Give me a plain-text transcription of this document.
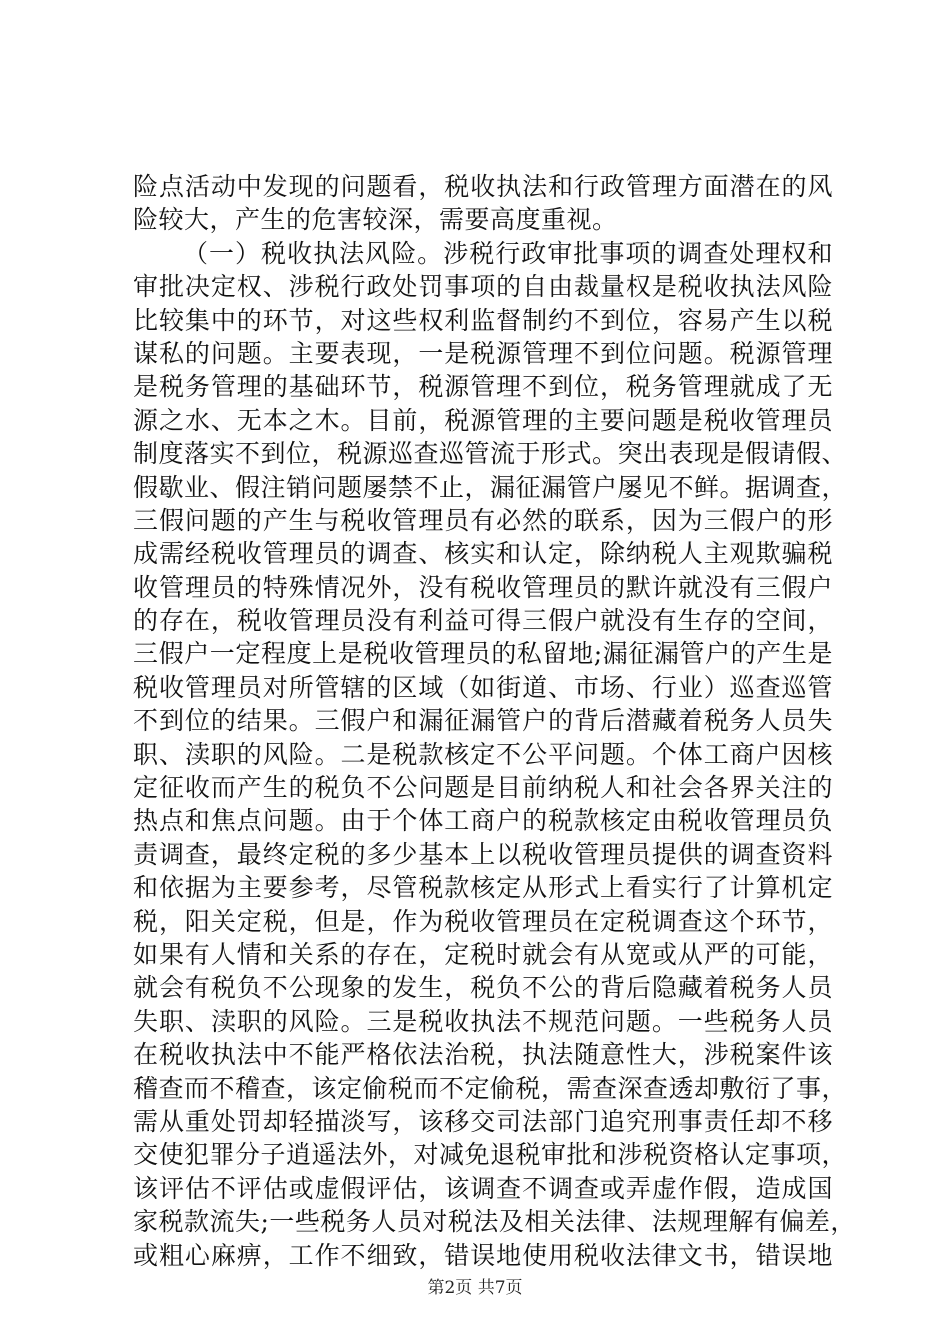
险点活动中发现的问题看，税收执法和行政管理方面潜在的风
险较大，产生的危害较深，需要高度重视。
（一）税收执法风险。涉税行政审批事项的调查处理权和
审批决定权、涉税行政处罚事项的自由裁量权是税收执法风险
比较集中的环节，对这些权利监督制约不到位，容易产生以税
谋私的问题。主要表现，一是税源管理不到位问题。税源管理
是税务管理的基础环节，税源管理不到位，税务管理就成了无
源之水、无本之木。目前，税源管理的主要问题是税收管理员
制度落实不到位，税源巡查巡管流于形式。突出表现是假请假、
假歇业、假注销问题屡禁不止，漏征漏管户屡见不鲜。据调查，
三假问题的产生与税收管理员有必然的联系，因为三假户的形
成需经税收管理员的调查、核实和认定，除纳税人主观欺骗税
收管理员的特殊情况外，没有税收管理员的默许就没有三假户
的存在，税收管理员没有利益可得三假户就没有生存的空间，
三假户一定程度上是税收管理员的私留地;漏征漏管户的产生是
税收管理员对所管辖的区域（如街道、市场、行业）巡查巡管
不到位的结果。三假户和漏征漏管户的背后潜藏着税务人员失
职、渎职的风险。二是税款核定不公平问题。个体工商户因核
定征收而产生的税负不公问题是目前纳税人和社会各界关注的
热点和焦点问题。由于个体工商户的税款核定由税收管理员负
责调查，最终定税的多少基本上以税收管理员提供的调查资料
和依据为主要参考，尽管税款核定从形式上看实行了计算机定
税，阳关定税，但是，作为税收管理员在定税调查这个环节，
如果有人情和关系的存在，定税时就会有从宽或从严的可能，
就会有税负不公现象的发生，税负不公的背后隐藏着税务人员
失职、渎职的风险。三是税收执法不规范问题。一些税务人员
在税收执法中不能严格依法治税，执法随意性大，涉税案件该
稽查而不稽查，该定偷税而不定偷税，需查深查透却敷衍了事，
需从重处罚却轻描淡写，该移交司法部门追究刑事责任却不移
交使犯罪分子逍遥法外，对减免退税审批和涉税资格认定事项，
该评估不评估或虚假评估，该调查不调查或弄虚作假，造成国
家税款流失;一些税务人员对税法及相关法律、法规理解有偏差，
或粗心麻痹，工作不细致，错误地使用税收法律文书，错误地
第2页 共7页
